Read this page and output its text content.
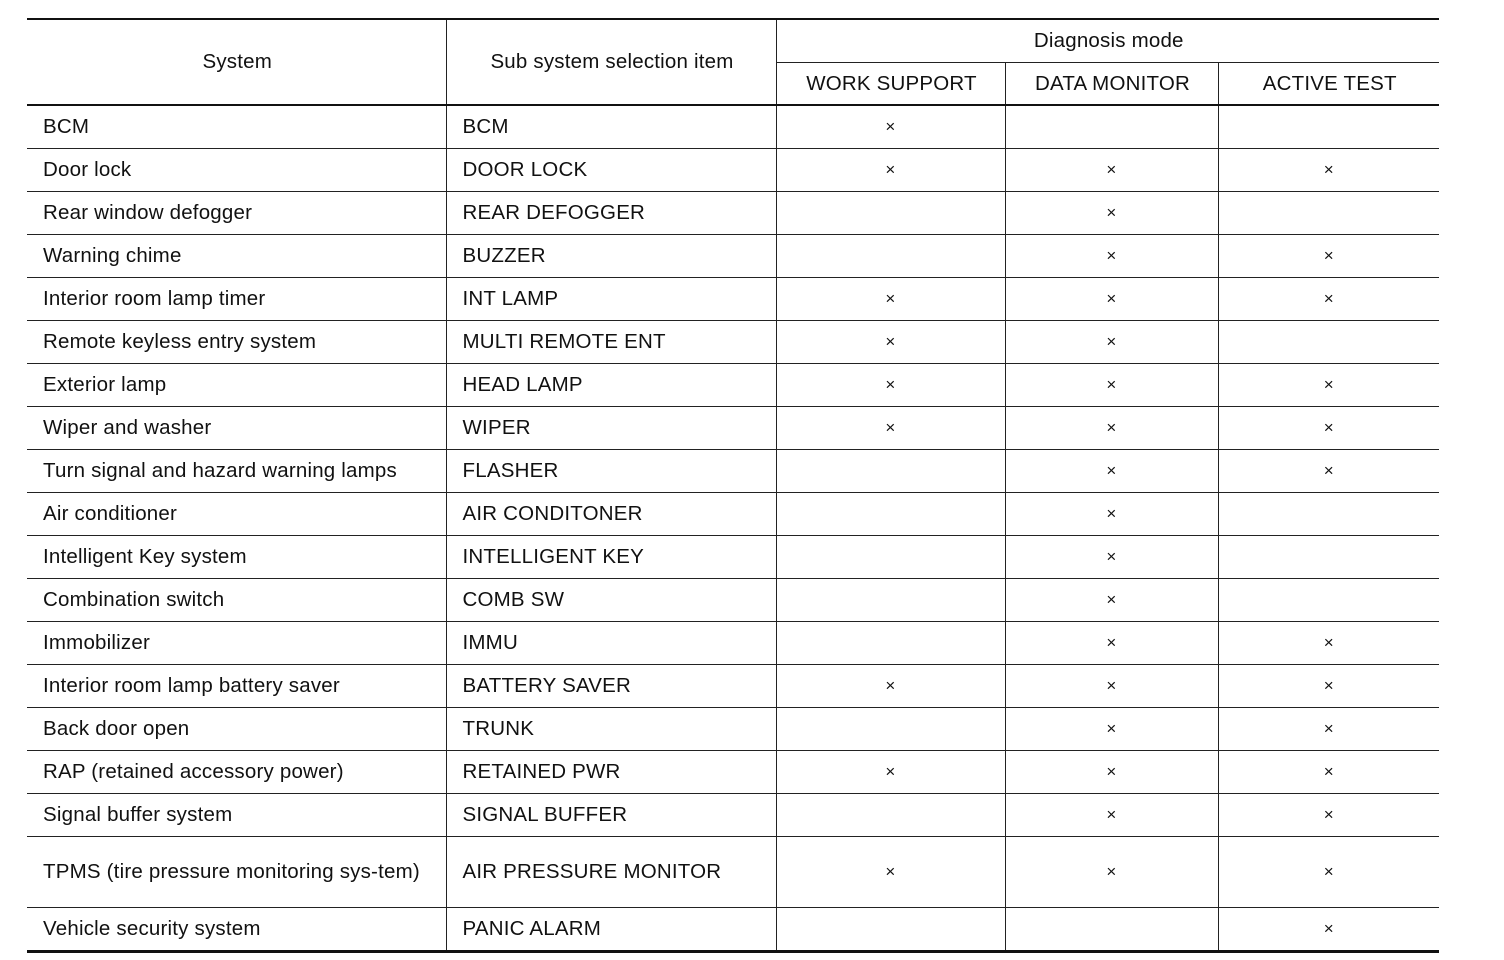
System	Sub system selection item	Diagnosis mode		
		WORK SUPPORT	DATA MONITOR	ACTIVE TEST
BCM	BCM	×		
Door lock	DOOR LOCK	×	×	×
Rear window defogger	REAR DEFOGGER		×	
Warning chime	BUZZER		×	×
Interior room lamp timer	INT LAMP	×	×	×
Remote keyless entry system	MULTI REMOTE ENT	×	×	
Exterior lamp	HEAD LAMP	×	×	×
Wiper and washer	WIPER	×	×	×
Turn signal and hazard warning lamps	FLASHER		×	×
Air conditioner	AIR CONDITONER		×	
Intelligent Key system	INTELLIGENT KEY		×	
Combination switch	COMB SW		×	
Immobilizer	IMMU		×	×
Interior room lamp battery saver	BATTERY SAVER	×	×	×
Back door open	TRUNK		×	×
RAP (retained accessory power)	RETAINED PWR	×	×	×
Signal buffer system	SIGNAL BUFFER		×	×
TPMS (tire pressure monitoring sys-tem)	AIR PRESSURE MONITOR	×	×	×
Vehicle security system	PANIC ALARM			×
